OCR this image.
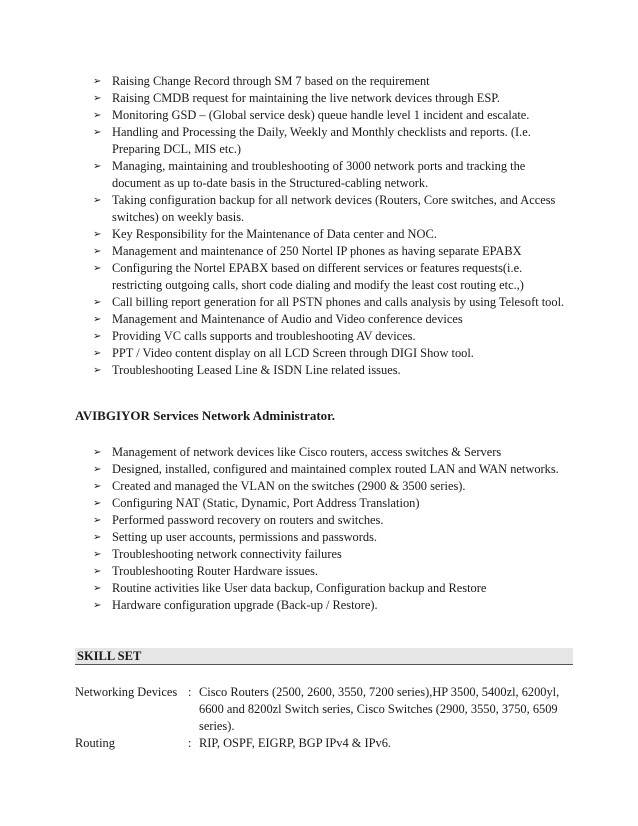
➢ Raising Change Record through SM 7 based on the requirement
➢ Raising CMDB request for maintaining the live network devices through ESP.
➢ Monitoring GSD – (Global service desk) queue handle level 1 incident and escalate.
➢ Handling and Processing the Daily, Weekly and Monthly checklists and reports. (I.e. Preparing DCL, MIS etc.)
➢ Managing, maintaining and troubleshooting of 3000 network ports and tracking the document as up to-date basis in the Structured-cabling network.
➢ Taking configuration backup for all network devices (Routers, Core switches, and Access switches) on weekly basis.
➢ Key Responsibility for the Maintenance of Data center and NOC.
➢ Management and maintenance of 250 Nortel IP phones as having separate EPABX
➢ Configuring the Nortel EPABX based on different services or features requests(i.e. restricting outgoing calls, short code dialing and modify the least cost routing etc.,)
➢ Call billing report generation for all PSTN phones and calls analysis by using Telesoft tool.
➢ Management and Maintenance of Audio and Video conference devices
➢ Providing VC calls supports and troubleshooting AV devices.
➢ PPT / Video content display on all LCD Screen through DIGI Show tool.
➢ Troubleshooting Leased Line & ISDN Line related issues.
AVIBGIYOR Services Network Administrator.
➢ Management of network devices like Cisco routers, access switches & Servers
➢ Designed, installed, configured and maintained complex routed LAN and WAN networks.
➢ Created and managed the VLAN on the switches (2900 & 3500 series).
➢ Configuring NAT (Static, Dynamic, Port Address Translation)
➢ Performed password recovery on routers and switches.
➢ Setting up user accounts, permissions and passwords.
➢ Troubleshooting network connectivity failures
➢ Troubleshooting Router Hardware issues.
➢ Routine activities like User data backup, Configuration backup and Restore
➢ Hardware configuration upgrade (Back-up / Restore).
SKILL SET
Networking Devices : Cisco Routers (2500, 2600, 3550, 7200 series),HP 3500, 5400zl, 6200yl, 6600 and 8200zl Switch series, Cisco Switches (2900, 3550, 3750, 6509 series).
Routing	: RIP, OSPF, EIGRP, BGP IPv4 & IPv6.
